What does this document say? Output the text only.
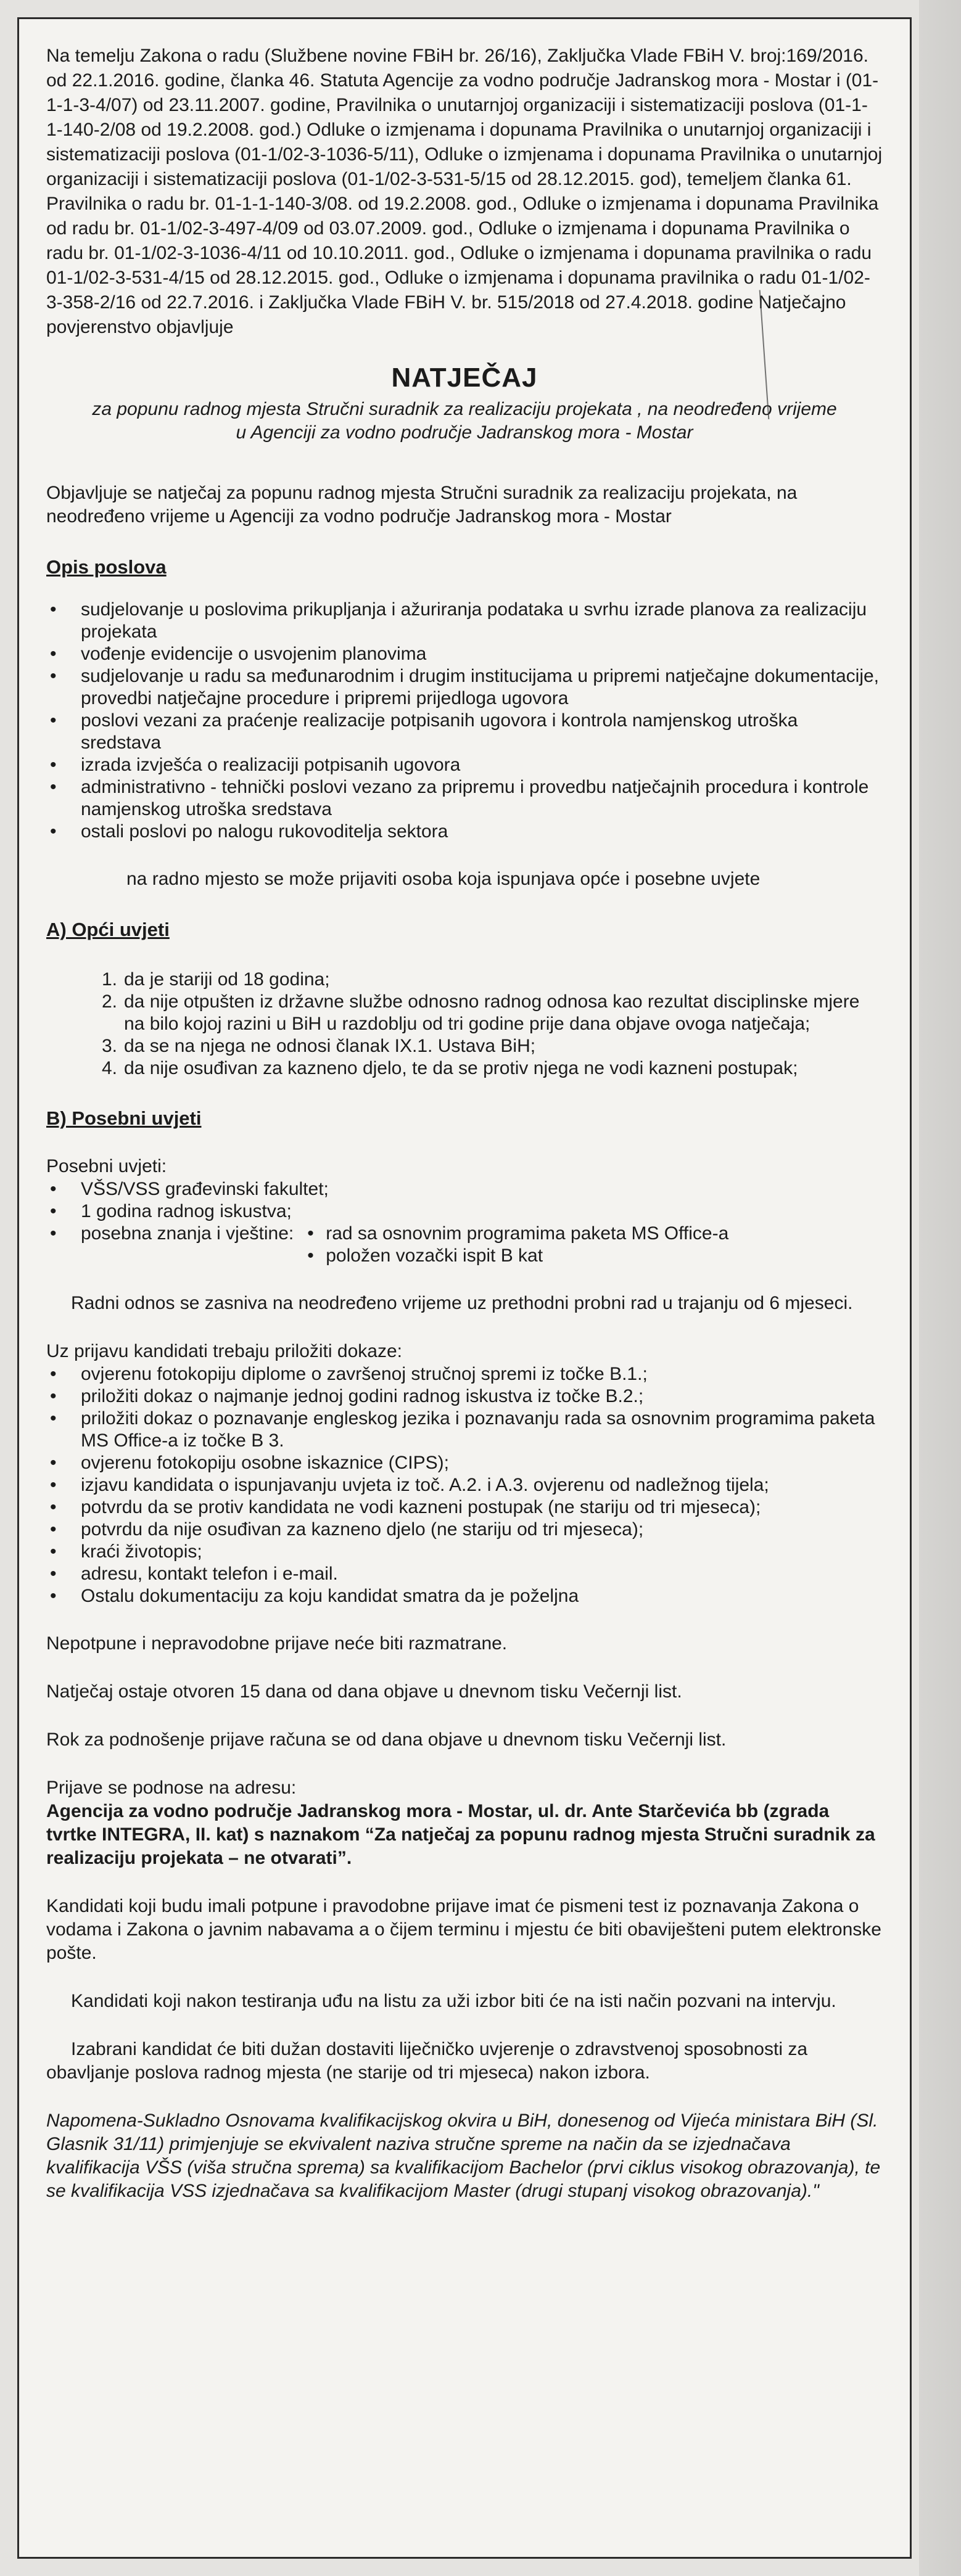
Na temelju Zakona o radu (Službene novine FBiH br. 26/16), Zaključka Vlade FBiH V. broj:169/2016. od 22.1.2016. godine, članka 46. Statuta Agencije za vodno područje Jadranskog mora - Mostar i (01-1-1-3-4/07) od 23.11.2007. godine, Pravilnika o unutarnjoj organizaciji i sistematizaciji poslova (01-1-1-140-2/08 od 19.2.2008. god.) Odluke o izmjenama i dopunama Pravilnika o unutarnjoj organizaciji i sistematizaciji poslova (01-1/02-3-1036-5/11), Odluke o izmjenama i dopunama Pravilnika o unutarnjoj organizaciji i sistematizaciji poslova (01-1/02-3-531-5/15 od 28.12.2015. god), temeljem članka 61. Pravilnika o radu br. 01-1-1-140-3/08. od 19.2.2008. god., Odluke o izmjenama i dopunama Pravilnika od radu br. 01-1/02-3-497-4/09 od 03.07.2009. god., Odluke o izmjenama i dopunama Pravilnika o radu br. 01-1/02-3-1036-4/11 od 10.10.2011. god., Odluke o izmjenama i dopunama pravilnika o radu 01-1/02-3-531-4/15 od 28.12.2015. god., Odluke o izmjenama i dopunama pravilnika o radu 01-1/02-3-358-2/16 od 22.7.2016. i Zaključka Vlade FBiH V. br. 515/2018 od 27.4.2018. godine Natječajno povjerenstvo objavljuje

NATJEČAJ

za popunu radnog mjesta Stručni suradnik za realizaciju projekata , na neodređeno vrijeme u Agenciji za vodno područje Jadranskog mora - Mostar

Objavljuje se natječaj za popunu radnog mjesta Stručni suradnik za realizaciju projekata, na neodređeno vrijeme u Agenciji za vodno područje Jadranskog mora - Mostar

Opis poslova
• sudjelovanje u poslovima prikupljanja i ažuriranja podataka u svrhu izrade planova za realizaciju projekata
• vođenje evidencije o usvojenim planovima
• sudjelovanje u radu sa međunarodnim i drugim institucijama u pripremi natječajne dokumentacije, provedbi natječajne procedure i pripremi prijedloga ugovora
• poslovi vezani za praćenje realizacije potpisanih ugovora i kontrola namjenskog utroška sredstava
• izrada izvješća o realizaciji potpisanih ugovora
• administrativno - tehnički poslovi vezano za pripremu i provedbu natječajnih procedura i kontrole namjenskog utroška sredstava
• ostali poslovi po nalogu rukovoditelja sektora

na radno mjesto se može prijaviti osoba koja ispunjava opće i posebne uvjete

A) Opći uvjeti
1. da je stariji od 18 godina;
2. da nije otpušten iz državne službe odnosno radnog odnosa kao rezultat disciplinske mjere na bilo kojoj razini u BiH u razdoblju od tri godine prije dana objave ovoga natječaja;
3. da se na njega ne odnosi članak IX.1. Ustava BiH;
4. da nije osuđivan za kazneno djelo, te da se protiv njega ne vodi kazneni postupak;
B) Posebni uvjeti

Posebni uvjeti:

• VŠS/VSS građevinski fakultet;
• 1 godina radnog iskustva;
• posebna znanja i vještine:
•	rad sa osnovnim programima paketa MS Office-a
• položen vozački ispit B kat

Radni odnos se zasniva na neodređeno vrijeme uz prethodni probni rad u trajanju od 6 mjeseci.

Uz prijavu kandidati trebaju priložiti dokaze:

• ovjerenu fotokopiju diplome o završenoj stručnoj spremi iz točke B.1.;
• priložiti dokaz o najmanje jednoj godini radnog iskustva iz točke B.2.;
• priložiti dokaz o poznavanje engleskog jezika i poznavanju rada sa osnovnim programima paketa MS Office-a iz točke B 3.
• ovjerenu fotokopiju osobne iskaznice (CIPS);
• izjavu kandidata o ispunjavanju uvjeta iz toč. A.2. i A.3. ovjerenu od nadležnog tijela;
• potvrdu da se protiv kandidata ne vodi kazneni postupak (ne stariju od tri mjeseca);
• potvrdu da nije osuđivan za kazneno djelo (ne stariju od tri mjeseca);
• kraći životopis;
• adresu, kontakt telefon i e-mail.
• Ostalu dokumentaciju za koju kandidat smatra da je poželjna

Nepotpune i nepravodobne prijave neće biti razmatrane.

Natječaj ostaje otvoren 15 dana od dana objave u dnevnom tisku Večernji list.

Rok za podnošenje prijave računa se od dana objave u dnevnom tisku Večernji list.

Prijave se podnose na adresu:

Agencija za vodno područje Jadranskog mora - Mostar, ul. dr. Ante Starčevića bb (zgrada tvrtke INTEGRA, II. kat) s naznakom “Za natječaj za popunu radnog mjesta Stručni suradnik za realizaciju projekata – ne otvarati”.

Kandidati koji budu imali potpune i pravodobne prijave imat će pismeni test iz poznavanja Zakona o vodama i Zakona o javnim nabavama a o čijem terminu i mjestu će biti obaviješteni putem elektronske pošte.

Kandidati koji nakon testiranja uđu na listu za uži izbor biti će na isti način pozvani na intervju.

Izabrani kandidat će biti dužan dostaviti liječničko uvjerenje o zdravstvenoj sposobnosti za obavljanje poslova radnog mjesta (ne starije od tri mjeseca) nakon izbora.

Napomena-Sukladno Osnovama kvalifikacijskog okvira u BiH, donesenog od Vijeća ministara BiH (Sl. Glasnik 31/11) primjenjuje se ekvivalent naziva stručne spreme na način da se izjednačava kvalifikacija VŠS (viša stručna sprema) sa kvalifikacijom Bachelor (prvi ciklus visokog obrazovanja), te se kvalifikacija VSS izjednačava sa kvalifikacijom Master (drugi stupanj visokog obrazovanja)."
